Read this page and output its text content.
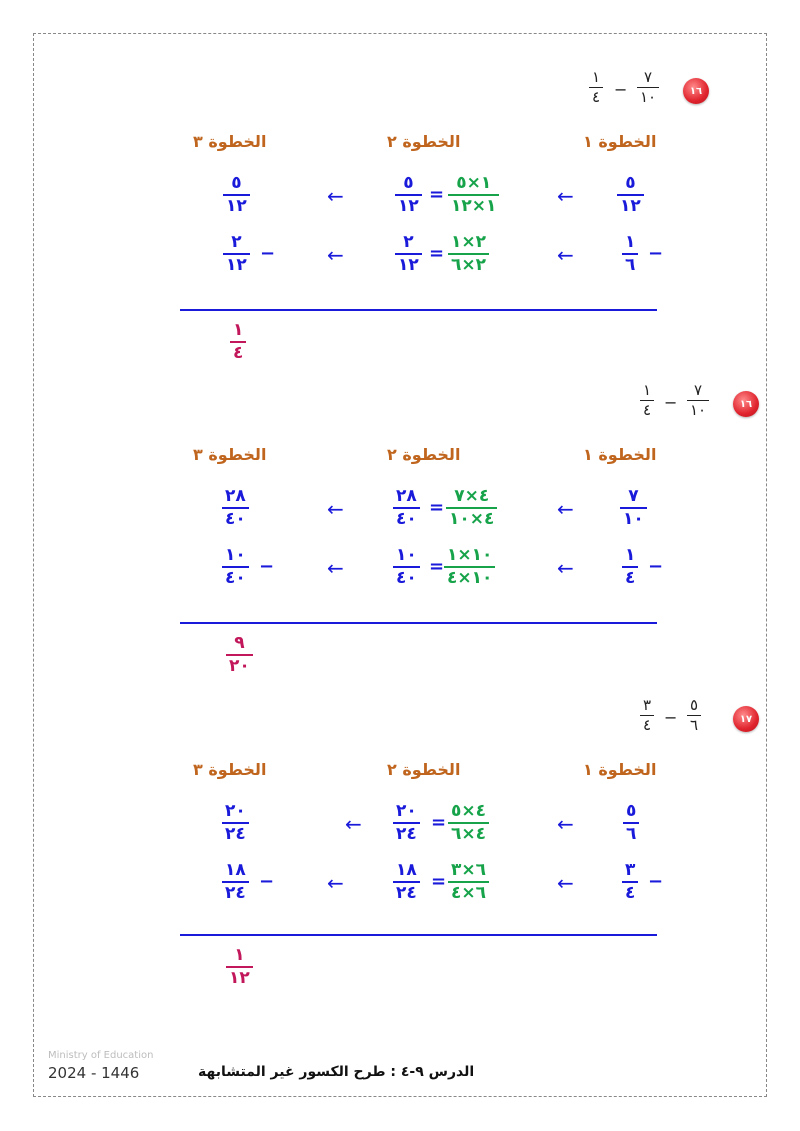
١٦
٧
١٠
−
١
٤
الخطوة ١
الخطوة ٢
الخطوة ٣
٥
١٢
←
١×٥
١×١٢
=
٥
١٢
←
٥
١٢
−
١
٦
←
٢×١
٢×٦
=
٢
١٢
←
−
٢
١٢
١
٤
١٦
٧
١٠
−
١
٤
الخطوة ١
الخطوة ٢
الخطوة ٣
٧
١٠
←
٤×٧
٤×١٠
=
٢٨
٤٠
←
٢٨
٤٠
−
١
٤
←
١٠×١
١٠×٤
=
١٠
٤٠
←
−
١٠
٤٠
٩
٢٠
١٧
٥
٦
−
٣
٤
الخطوة ١
الخطوة ٢
الخطوة ٣
٥
٦
←
٤×٥
٤×٦
=
٢٠
٢٤
←
٢٠
٢٤
−
٣
٤
←
٦×٣
٦×٤
=
١٨
٢٤
←
−
١٨
٢٤
١
١٢
Ministry of Education
2024 - 1446	الدرس ٩-٤ : طرح الكسور غير المتشابهة
